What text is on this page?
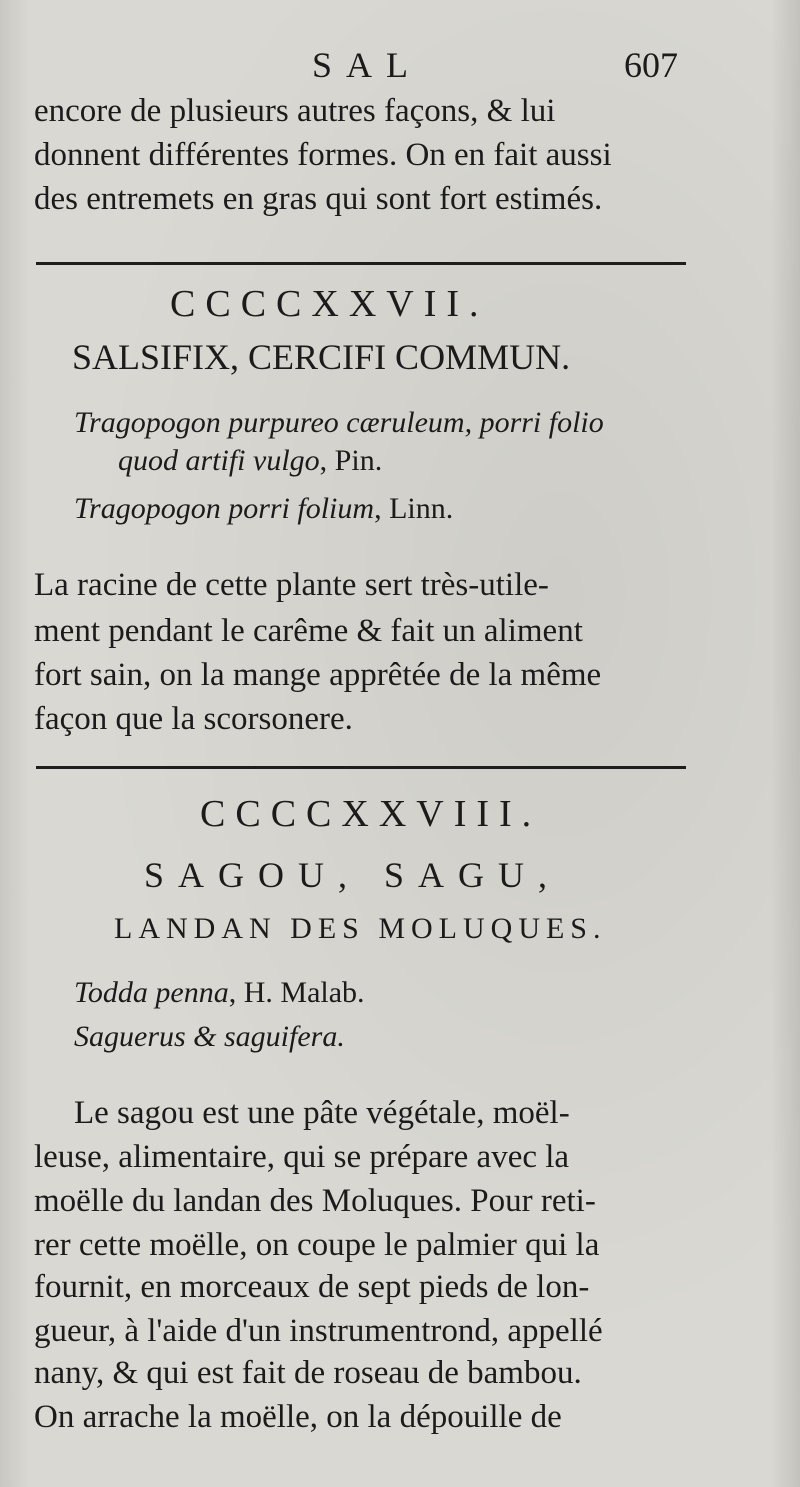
SAL	607
encore de plusieurs autres façons, & lui
donnent différentes formes. On en fait aussi
des entremets en gras qui sont fort estimés.
CCCCXXVII.
SALSIFIX, CERCIFI COMMUN.
Tragopogon purpureo cæruleum, porri folio
quod artifi vulgo, Pin.
Tragopogon porri folium, Linn.
La racine de cette plante sert très-utile-
ment pendant le carême & fait un aliment
fort sain, on la mange apprêtée de la même
façon que la scorsonere.
CCCCXXVIII.
SAGOU, SAGU,
LANDAN DES MOLUQUES.
Todda penna, H. Malab.
Saguerus & saguifera.
Le sagou est une pâte végétale, moël-
leuse, alimentaire, qui se prépare avec la
moëlle du landan des Moluques. Pour reti-
rer cette moëlle, on coupe le palmier qui la
fournit, en morceaux de sept pieds de lon-
gueur, à l'aide d'un instrumentrond, appellé
nany, & qui est fait de roseau de bambou.
On arrache la moëlle, on la dépouille de
